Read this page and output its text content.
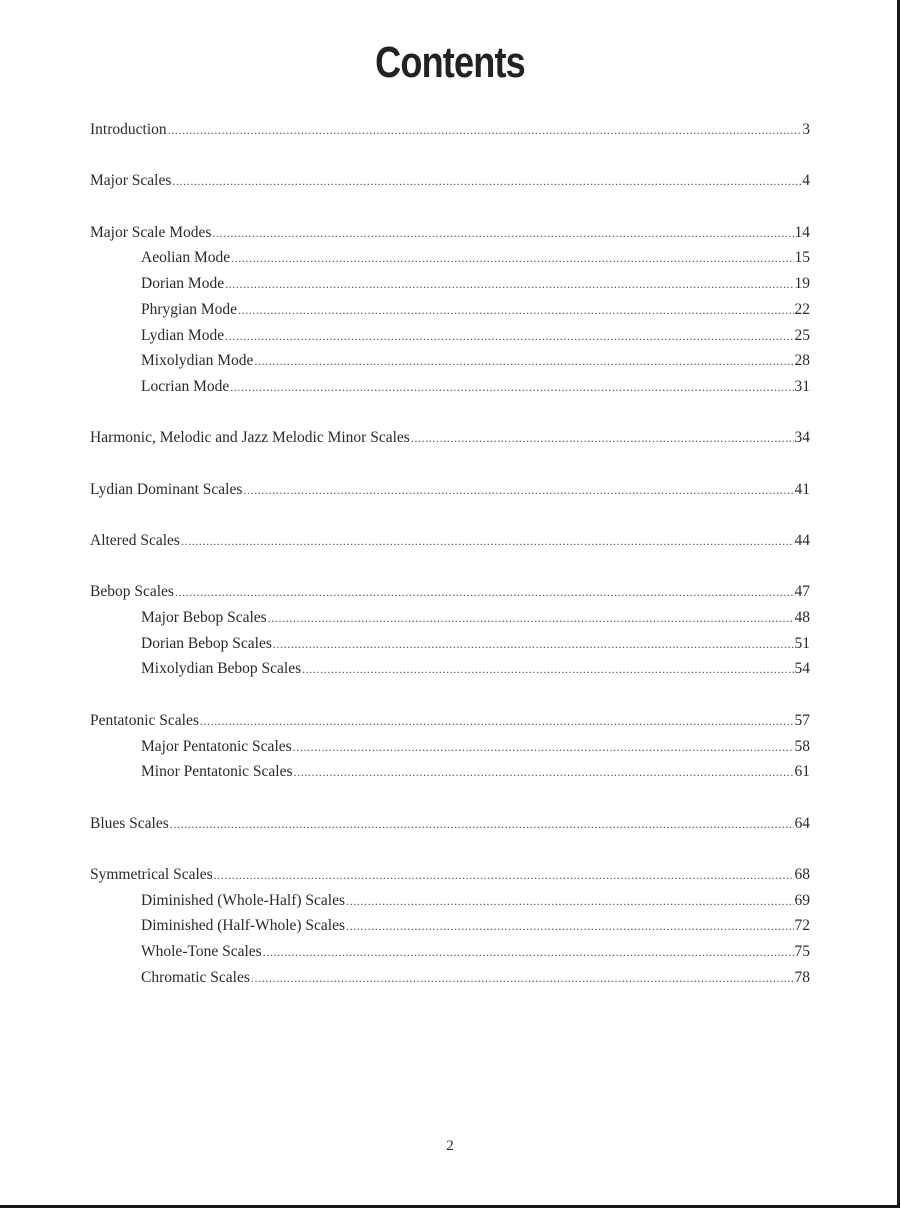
Contents
Introduction .....	3
Major Scales .....	4
Major Scale Modes .....	14
Aeolian Mode .....	15
Dorian Mode .....	19
Phrygian Mode .....	22
Lydian Mode .....	25
Mixolydian Mode .....	28
Locrian Mode .....	31
Harmonic, Melodic and Jazz Melodic Minor Scales .....	34
Lydian Dominant Scales .....	41
Altered Scales .....	44
Bebop Scales .....	47
Major Bebop Scales .....	48
Dorian Bebop Scales .....	51
Mixolydian Bebop Scales .....	54
Pentatonic Scales .....	57
Major Pentatonic Scales .....	58
Minor Pentatonic Scales .....	61
Blues Scales .....	64
Symmetrical Scales .....	68
Diminished (Whole-Half) Scales .....	69
Diminished (Half-Whole) Scales .....	72
Whole-Tone Scales .....	75
Chromatic Scales .....	78
2
